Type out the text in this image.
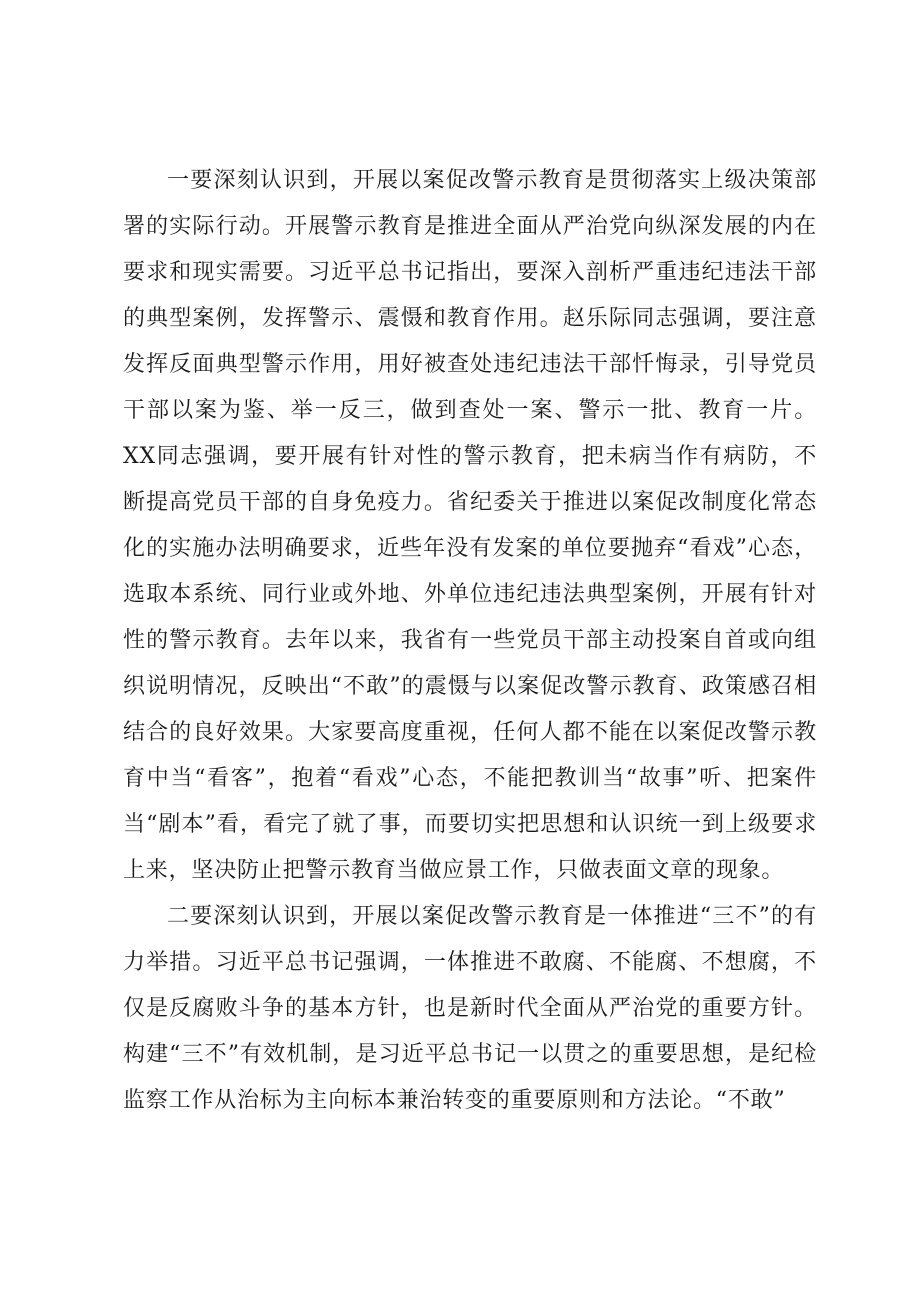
一要深刻认识到，开展以案促改警示教育是贯彻落实上级决策部署的实际行动。开展警示教育是推进全面从严治党向纵深发展的内在要求和现实需要。习近平总书记指出，要深入剖析严重违纪违法干部的典型案例，发挥警示、震慑和教育作用。赵乐际同志强调，要注意发挥反面典型警示作用，用好被查处违纪违法干部忏悔录，引导党员干部以案为鉴、举一反三，做到查处一案、警示一批、教育一片。XX同志强调，要开展有针对性的警示教育，把未病当作有病防，不断提高党员干部的自身免疫力。省纪委关于推进以案促改制度化常态化的实施办法明确要求，近些年没有发案的单位要抛弃“看戏”心态，选取本系统、同行业或外地、外单位违纪违法典型案例，开展有针对性的警示教育。去年以来，我省有一些党员干部主动投案自首或向组织说明情况，反映出“不敢”的震慑与以案促改警示教育、政策感召相结合的良好效果。大家要高度重视，任何人都不能在以案促改警示教育中当“看客”，抱着“看戏”心态，不能把教训当“故事”听、把案件当“剧本”看，看完了就了事，而要切实把思想和认识统一到上级要求上来，坚决防止把警示教育当做应景工作，只做表面文章的现象。

二要深刻认识到，开展以案促改警示教育是一体推进“三不”的有力举措。习近平总书记强调，一体推进不敢腐、不能腐、不想腐，不仅是反腐败斗争的基本方针，也是新时代全面从严治党的重要方针。构建“三不”有效机制，是习近平总书记一以贯之的重要思想，是纪检监察工作从治标为主向标本兼治转变的重要原则和方法论。“不敢”
